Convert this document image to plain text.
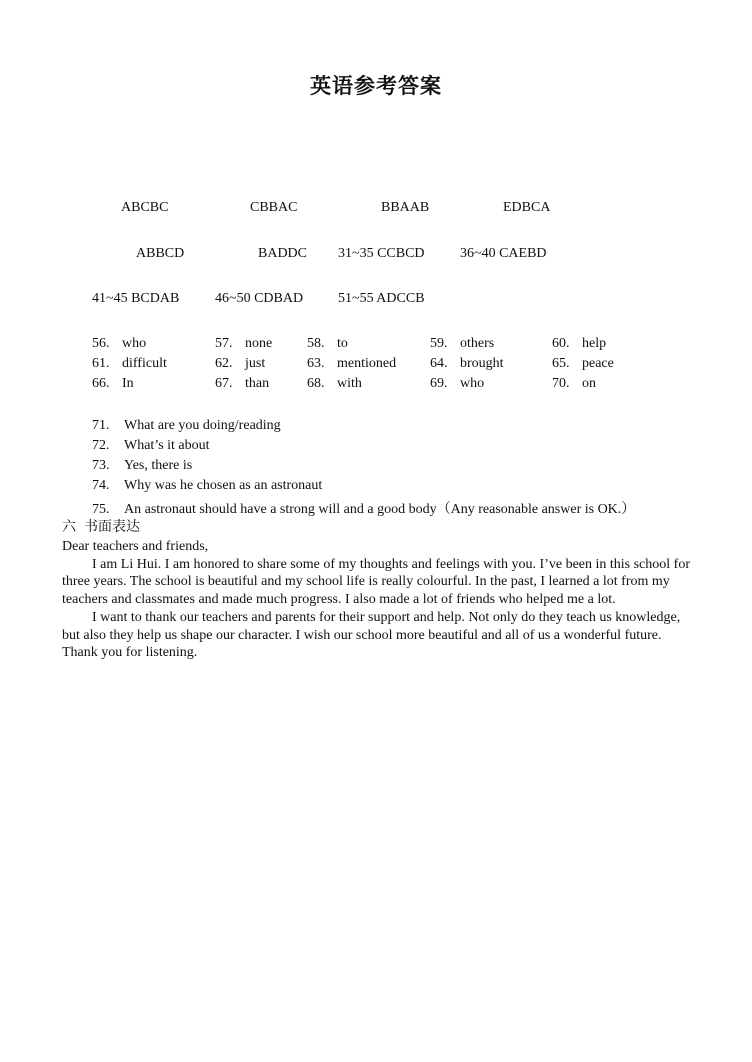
英语参考答案
ABCBC	CBBAC	BBAAB	EDBCA
ABBCD	BADDC 31~35 CCBCD	36~40 CAEBD
41~45 BCDAB	46~50 CDBAD 51~55 ADCCB
56. who	57. none 58. to	59. others	60. help
61. difficult	62. just	63. mentioned 64. brought	65. peace
66. In	67. than	68. with	69. who	70. on
71. What are you doing/reading
72. What’s it about
73. Yes, there is
74. Why was he chosen as an astronaut
75. An astronaut should have a strong will and a good body（Any reasonable answer is OK.）
六 书面表达

Dear teachers and friends,

I am Li Hui. I am honored to share some of my thoughts and feelings with you. I’ve been in this school for three years. The school is beautiful and my school life is really colourful. In the past, I learned a lot from my teachers and classmates and made much progress. I also made a lot of friends who helped me a lot.

I want to thank our teachers and parents for their support and help. Not only do they teach us knowledge, but also they help us shape our character. I wish our school more beautiful and all of us a wonderful future. Thank you for listening.
